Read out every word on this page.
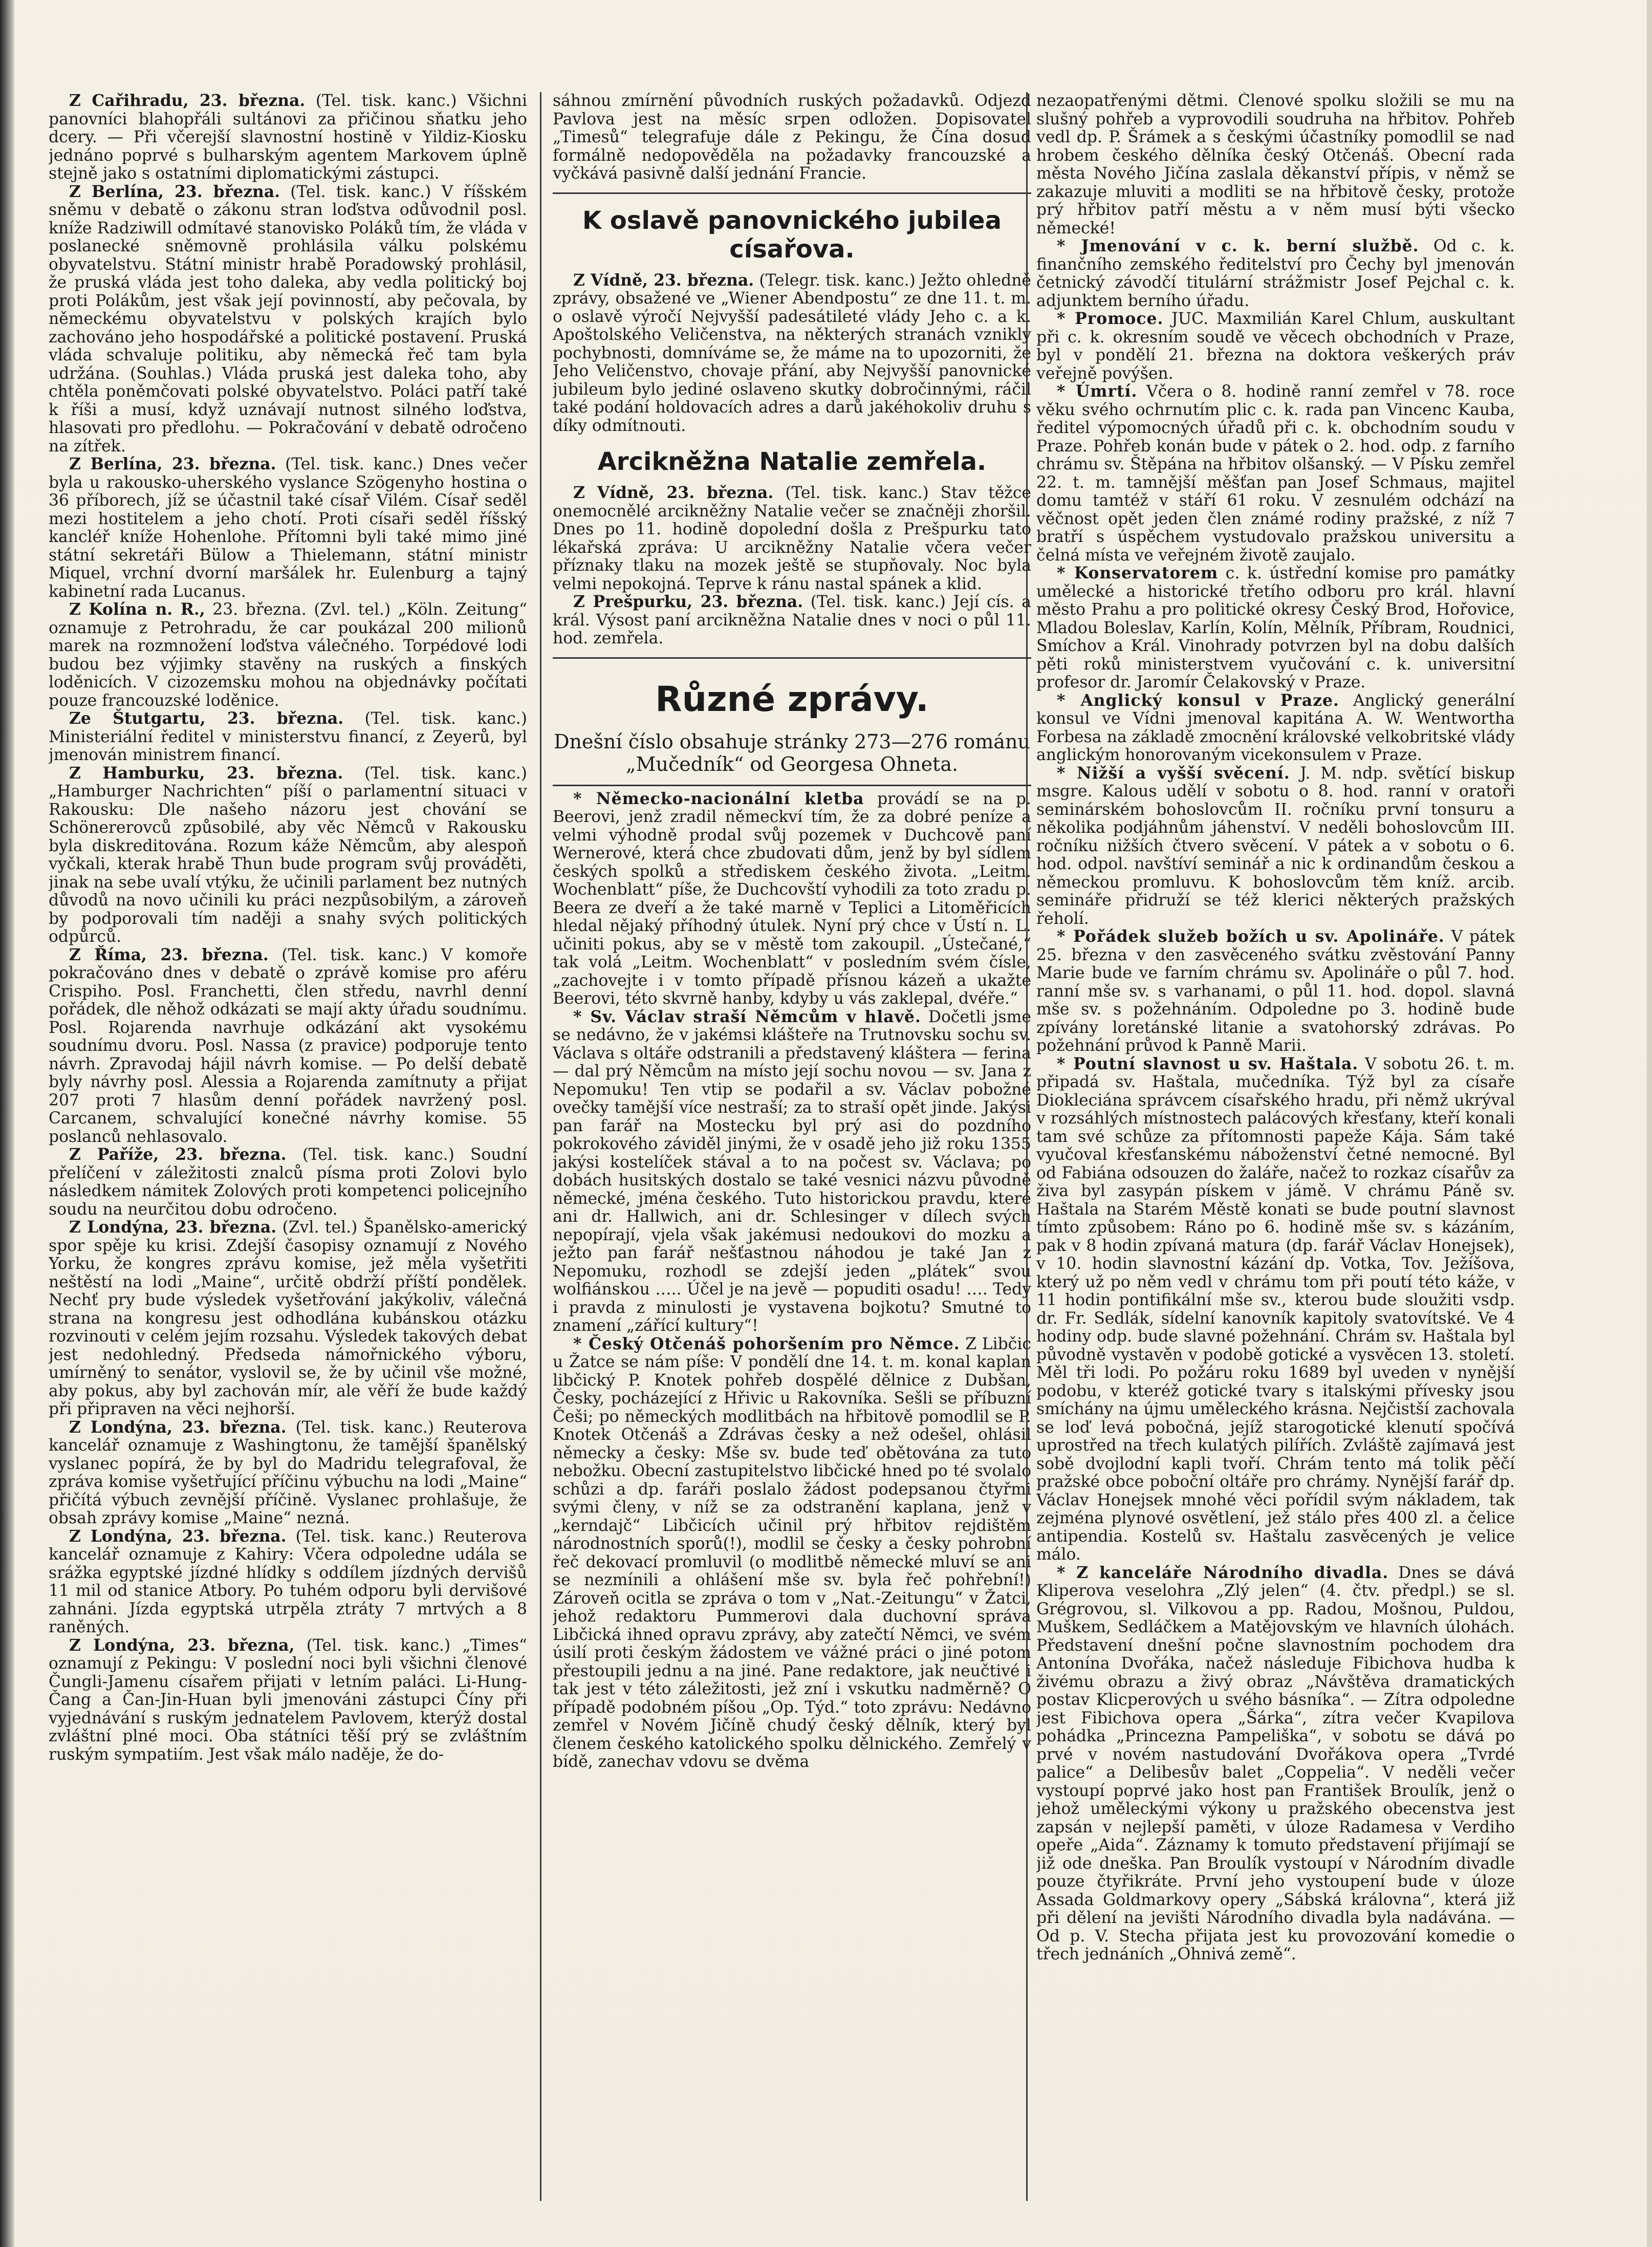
Z Cařihradu, 23. března. (Tel. tisk. kanc.) Všichni panovníci blahopřáli sultánovi za přičinou sňatku jeho dcery. — Při včerejší slavnostní hostině v Yildiz-Kiosku jednáno poprvé s bulharským agentem Markovem úplně stejně jako s ostatními diplomatickými zástupci.

Z Berlína, 23. března. (Tel. tisk. kanc.) V říšském sněmu v debatě o zákonu stran loďstva odůvodnil posl. kníže Radziwill odmítavé stanovisko Poláků tím, že vláda v poslanecké sněmovně prohlásila válku polskému obyvatelstvu. Státní ministr hrabě Poradowský prohlásil, že pruská vláda jest toho daleka, aby vedla politický boj proti Polákům, jest však její povinností, aby pečovala, by německému obyvatelstvu v polských krajích bylo zachováno jeho hospodářské a politické postavení. Pruská vláda schvaluje politiku, aby německá řeč tam byla udržána. (Souhlas.) Vláda pruská jest daleka toho, aby chtěla poněmčovati polské obyvatelstvo. Poláci patří také k říši a musí, když uznávají nutnost silného loďstva, hlasovati pro předlohu. — Pokračování v debatě odročeno na zítřek.

Z Berlína, 23. března. (Tel. tisk. kanc.) Dnes večer byla u rakousko-uherského vyslance Szögenyho hostina o 36 příborech, jíž se účastnil také císař Vilém. Císař seděl mezi hostitelem a jeho chotí. Proti císaři seděl říšský kancléř kníže Hohenlohe. Přítomni byli také mimo jiné státní sekretáři Bülow a Thielemann, státní ministr Miquel, vrchní dvorní maršálek hr. Eulenburg a tajný kabinetní rada Lucanus.

Z Kolína n. R., 23. března. (Zvl. tel.) „Köln. Zeitung“ oznamuje z Petrohradu, že car poukázal 200 milionů marek na rozmnožení loďstva válečného. Torpédové lodi budou bez výjimky stavěny na ruských a finských loděnicích. V cizozemsku mohou na objednávky počítati pouze francouzské loděnice.

Ze Štutgartu, 23. března. (Tel. tisk. kanc.) Ministeriální ředitel v ministerstvu financí, z Zeyerů, byl jmenován ministrem financí.

Z Hamburku, 23. března. (Tel. tisk. kanc.) „Hamburger Nachrichten“ píší o parlamentní situaci v Rakousku: Dle našeho názoru jest chování se Schönererovců způsobilé, aby věc Němců v Rakousku byla diskreditována. Rozum káže Němcům, aby alespoň vyčkali, kterak hrabě Thun bude program svůj prováděti, jinak na sebe uvalí vtýku, že učinili parlament bez nutných důvodů na novo učinili ku práci nezpůsobilým, a zároveň by podporovali tím naději a snahy svých politických odpůrců.

Z Říma, 23. března. (Tel. tisk. kanc.) V komoře pokračováno dnes v debatě o zprávě komise pro aféru Crispiho. Posl. Franchetti, člen středu, navrhl denní pořádek, dle něhož odkázati se mají akty úřadu soudnímu. Posl. Rojarenda navrhuje odkázání akt vysokému soudnímu dvoru. Posl. Nassa (z pravice) podporuje tento návrh. Zpravodaj hájil návrh komise. — Po delší debatě byly návrhy posl. Alessia a Rojarenda zamítnuty a přijat 207 proti 7 hlasům denní pořádek navržený posl. Carcanem, schvalující konečné návrhy komise. 55 poslanců nehlasovalo.

Z Paříže, 23. března. (Tel. tisk. kanc.) Soudní přelíčení v záležitosti znalců písma proti Zolovi bylo následkem námitek Zolových proti kompetenci policejního soudu na neurčitou dobu odročeno.

Z Londýna, 23. března. (Zvl. tel.) Španělsko-americký spor spěje ku krisi. Zdejší časopisy oznamují z Nového Yorku, že kongres zprávu komise, jež měla vyšetřiti neštěstí na lodi „Maine“, určitě obdrží příští pondělek. Nechť pry bude výsledek vyšetřování jakýkoliv, válečná strana na kongresu jest odhodlána kubánskou otázku rozvinouti v celém jejím rozsahu. Výsledek takových debat jest nedohledný. Předseda námořnického výboru, umírněný to senátor, vyslovil se, že by učinil vše možné, aby pokus, aby byl zachován mír, ale věří že bude každý při připraven na věci nejhorší.

Z Londýna, 23. března. (Tel. tisk. kanc.) Reuterova kancelář oznamuje z Washingtonu, že tamější španělský vyslanec popírá, že by byl do Madridu telegrafoval, že zpráva komise vyšetřující příčinu výbuchu na lodi „Maine“ přičítá výbuch zevnější příčině. Vyslanec prohlašuje, že obsah zprávy komise „Maine“ nezná.

Z Londýna, 23. března. (Tel. tisk. kanc.) Reuterova kancelář oznamuje z Kahiry: Včera odpoledne udála se srážka egyptské jízdné hlídky s oddílem jízdných dervišů 11 mil od stanice Atbory. Po tuhém odporu byli dervišové zahnáni. Jízda egyptská utrpěla ztráty 7 mrtvých a 8 raněných.

Z Londýna, 23. března, (Tel. tisk. kanc.) „Times“ oznamují z Pekingu: V poslední noci byli všichni členové Čungli-Jamenu císařem přijati v letním paláci. Li-Hung-Čang a Čan-Jin-Huan byli jmenováni zástupci Číny při vyjednávání s ruským jednatelem Pavlovem, kterýž dostal zvláštní plné moci. Oba státníci těší prý se zvláštním ruským sympatiím. Jest však málo naděje, že do-

sáhnou zmírnění původních ruských požadavků. Odjezd Pavlova jest na měsíc srpen odložen. Dopisovatel „Timesů“ telegrafuje dále z Pekingu, že Čína dosud formálně nedopověděla na požadavky francouzské a vyčkává pasivně další jednání Francie.

K oslavě panovnického jubilea císařova.

Z Vídně, 23. března. (Telegr. tisk. kanc.) Ježto ohledně zprávy, obsažené ve „Wiener Abendpostu“ ze dne 11. t. m. o oslavě výročí Nejvyšší padesátileté vlády Jeho c. a k. Apoštolského Veličenstva, na některých stranách vznikly pochybnosti, domníváme se, že máme na to upozorniti, že Jeho Veličenstvo, chovaje přání, aby Nejvyšší panovnické jubileum bylo jediné oslaveno skutky dobročinnými, ráčil také podání holdovacích adres a darů jakéhokoliv druhu s díky odmítnouti.

Arcikněžna Natalie zemřela.

Z Vídně, 23. března. (Tel. tisk. kanc.) Stav těžce onemocnělé arcikněžny Natalie večer se značněji zhoršil. Dnes po 11. hodině dopolední došla z Prešpurku tato lékařská zpráva: U arcikněžny Natalie včera večer příznaky tlaku na mozek ještě se stupňovaly. Noc byla velmi nepokojná. Teprve k ránu nastal spánek a klid.

Z Prešpurku, 23. března. (Tel. tisk. kanc.) Její cís. a král. Výsost paní arcikněžna Natalie dnes v noci o půl 11. hod. zemřela.

Různé zprávy.

Dnešní číslo obsahuje stránky 273—276 románu „Mučedník“ od Georgesa Ohneta.

* Německo-nacionální kletba provádí se na p. Beerovi, jenž zradil německví tím, že za dobré peníze a velmi výhodně prodal svůj pozemek v Duchcově paní Wernerové, která chce zbudovati dům, jenž by byl sídlem českých spolků a střediskem českého života. „Leitm. Wochenblatt“ píše, že Duchcovští vyhodili za toto zradu p. Beera ze dveří a že také marně v Teplici a Litoměřicích hledal nějaký příhodný útulek. Nyní prý chce v Ústí n. L. učiniti pokus, aby se v městě tom zakoupil. „Ústečané,“ tak volá „Leitm. Wochenblatt“ v posledním svém čísle, „zachovejte i v tomto případě přísnou kázeň a ukažte Beerovi, této skvrně hanby, kdyby u vás zaklepal, dvéře.“

* Sv. Václav straší Němcům v hlavě. Dočetli jsme se nedávno, že v jakémsi klášteře na Trutnovsku sochu sv. Václava s oltáře odstranili a představený kláštera — ferina — dal prý Němcům na místo její sochu novou — sv. Jana z Nepomuku! Ten vtip se podařil a sv. Václav pobožné ovečky tamější více nestraší; za to straší opět jinde. Jakýsi pan farář na Mostecku byl prý asi do pozdního pokrokového záviděl jinými, že v osadě jeho již roku 1355 jakýsi kostelíček stával a to na počest sv. Václava; po dobách husitských dostalo se také vesnici názvu původně německé, jména českého. Tuto historickou pravdu, které ani dr. Hallwich, ani dr. Schlesinger v dílech svých nepopírají, vjela však jakémusi nedoukovi do mozku a ježto pan farář nešťastnou náhodou je také Jan z Nepomuku, rozhodl se zdejší jeden „plátek“ svou wolfiánskou ….. Účel je na jevě — popuditi osadu! …. Tedy i pravda z minulosti je vystavena bojkotu? Smutné to znamení „zářící kultury“!

* Český Otčenáš pohoršením pro Němce. Z Libčic u Žatce se nám píše: V pondělí dne 14. t. m. konal kaplan libčický P. Knotek pohřeb dospělé dělnice z Dubšan, Česky, pocházející z Hřivic u Rakovníka. Sešli se příbuzní Češi; po německých modlitbách na hřbitově pomodlil se P. Knotek Otčenáš a Zdrávas česky a než odešel, ohlásil německy a česky: Mše sv. bude teď obětována za tuto nebožku. Obecní zastupitelstvo libčické hned po té svolalo schůzi a dp. faráři poslalo žádost podepsanou čtyřmi svými členy, v níž se za odstranění kaplana, jenž v „kerndajč“ Libčicích učinil prý hřbitov rejdištěm národnostních sporů(!), modlil se česky a česky pohrobní řeč dekovací promluvil (o modlitbě německé mluví se ani se nezmínili a ohlášení mše sv. byla řeč pohřební!) Zároveň ocitla se zpráva o tom v „Nat.-Zeitungu“ v Žatci, jehož redaktoru Pummerovi dala duchovní správa Libčická ihned opravu zprávy, aby zatečtí Němci, ve svém úsilí proti českým žádostem ve vážné práci o jiné potom přestoupili jednu a na jiné. Pane redaktore, jak neučtivé i tak jest v této záležitosti, jež zní i vskutku nadměrně? O případě podobném píšou „Op. Týd.“ toto zprávu: Nedávno zemřel v Novém Jičíně chudý český dělník, který byl členem českého katolického spolku dělnického. Zemřelý v bídě, zanechav vdovu se dvěma

nezaopatřenými dětmi. Členové spolku složili se mu na slušný pohřeb a vyprovodili soudruha na hřbitov. Pohřeb vedl dp. P. Šrámek a s českými účastníky pomodlil se nad hrobem českého dělníka český Otčenáš. Obecní rada města Nového Jičína zaslala děkanství přípis, v němž se zakazuje mluviti a modliti se na hřbitově česky, protože prý hřbitov patří městu a v něm musí býti všecko německé!

* Jmenování v c. k. berní službě. Od c. k. finančního zemského ředitelství pro Čechy byl jmenován četnický závodčí titulární strážmistr Josef Pejchal c. k. adjunktem berního úřadu.

* Promoce. JUC. Maxmilián Karel Chlum, auskultant při c. k. okresním soudě ve věcech obchodních v Praze, byl v pondělí 21. března na doktora veškerých práv veřejně povýšen.

* Úmrtí. Včera o 8. hodině ranní zemřel v 78. roce věku svého ochrnutím plic c. k. rada pan Vincenc Kauba, ředitel výpomocných úřadů při c. k. obchodním soudu v Praze. Pohřeb konán bude v pátek o 2. hod. odp. z farního chrámu sv. Štěpána na hřbitov olšanský. — V Písku zemřel 22. t. m. tamnější měšťan pan Josef Schmaus, majitel domu tamtéž v stáří 61 roku. V zesnulém odchází na věčnost opět jeden člen známé rodiny pražské, z níž 7 bratří s úspěchem vystudovalo pražskou universitu a čelná místa ve veřejném životě zaujalo.

* Konservatorem c. k. ústřední komise pro památky umělecké a historické třetího odboru pro král. hlavní město Prahu a pro politické okresy Český Brod, Hořovice, Mladou Boleslav, Karlín, Kolín, Mělník, Příbram, Roudnici, Smíchov a Král. Vinohrady potvrzen byl na dobu dalších pěti roků ministerstvem vyučování c. k. universitní profesor dr. Jaromír Čelakovský v Praze.

* Anglický konsul v Praze. Anglický generální konsul ve Vídni jmenoval kapitána A. W. Wentwortha Forbesa na základě zmocnění královské velkobritské vlády anglickým honorovaným vicekonsulem v Praze.

* Nižší a vyšší svěcení. J. M. ndp. světící biskup msgre. Kalous udělí v sobotu o 8. hod. ranní v oratoři seminárském bohoslovcům II. ročníku první tonsuru a několika podjáhnům jáhenství. V neděli bohoslovcům III. ročníku nižších čtvero svěcení. V pátek a v sobotu o 6. hod. odpol. navštíví seminář a nic k ordinandům českou a německou promluvu. K bohoslovcům těm kníž. arcib. semináře přidruží se též klerici některých pražských řeholí.

* Pořádek služeb božích u sv. Apolináře. V pátek 25. března v den zasvěceného svátku zvěstování Panny Marie bude ve farním chrámu sv. Apolináře o půl 7. hod. ranní mše sv. s varhanami, o půl 11. hod. dopol. slavná mše sv. s požehnáním. Odpoledne po 3. hodině bude zpívány loretánské litanie a svatohorský zdrávas. Po požehnání průvod k Panně Marii.

* Poutní slavnost u sv. Haštala. V sobotu 26. t. m. připadá sv. Haštala, mučedníka. Týž byl za císaře Diokleciána správcem císařského hradu, při němž ukrýval v rozsáhlých místnostech palácových křesťany, kteří konali tam své schůze za přítomnosti papeže Kája. Sám také vyučoval křesťanskému náboženství četné nemocné. Byl od Fabiána odsouzen do žaláře, načež to rozkaz císařův za živa byl zasypán pískem v jámě. V chrámu Páně sv. Haštala na Starém Městě konati se bude poutní slavnost tímto způsobem: Ráno po 6. hodině mše sv. s kázáním, pak v 8 hodin zpívaná matura (dp. farář Václav Honejsek), v 10. hodin slavnostní kázání dp. Votka, Tov. Ježíšova, který už po něm vedl v chrámu tom při poutí této káže, v 11 hodin pontifikální mše sv., kterou bude sloužiti vsdp. dr. Fr. Sedlák, sídelní kanovník kapitoly svatovítské. Ve 4 hodiny odp. bude slavné požehnání. Chrám sv. Haštala byl původně vystavěn v podobě gotické a vysvěcen 13. století. Měl tři lodi. Po požáru roku 1689 byl uveden v nynější podobu, v kteréž gotické tvary s italskými přívesky jsou smíchány na újmu uměleckého krásna. Nejčistší zachovala se loď levá pobočná, jejíž starogotické klenutí spočívá uprostřed na třech kulatých pilířích. Zvláště zajímavá jest sobě dvojlodní kapli tvoří. Chrám tento má tolik pěčí pražské obce poboční oltáře pro chrámy. Nynější farář dp. Václav Honejsek mnohé věci pořídil svým nákladem, tak zejména plynové osvětlení, jež stálo přes 400 zl. a čelice antipendia. Kostelů sv. Haštalu zasvěcených je velice málo.

* Z kanceláře Národního divadla. Dnes se dává Kliperova veselohra „Zlý jelen“ (4. čtv. předpl.) se sl. Grégrovou, sl. Vilkovou a pp. Radou, Mošnou, Puldou, Muškem, Sedláčkem a Matějovským ve hlavních úlohách. Představení dnešní počne slavnostním pochodem dra Antonína Dvořáka, načež následuje Fibichova hudba k živému obrazu a živý obraz „Návštěva dramatických postav Klicperových u svého básníka“. — Zítra odpoledne jest Fibichova opera „Šárka“, zítra večer Kvapilova pohádka „Princezna Pampeliška“, v sobotu se dává po prvé v novém nastudování Dvořákova opera „Tvrdé palice“ a Delibesův balet „Coppelia“. V neděli večer vystoupí poprvé jako host pan František Broulík, jenž o jehož uměleckými výkony u pražského obecenstva jest zapsán v nejlepší paměti, v úloze Radamesa v Verdiho opeře „Aida“. Záznamy k tomuto představení přijímají se již ode dneška. Pan Broulík vystoupí v Národním divadle pouze čtyřikráte. První jeho vystoupení bude v úloze Assada Goldmarkovy opery „Sábská královna“, která již při dělení na jevišti Národního divadla byla nadávána. — Od p. V. Stecha přijata jest ku provozování komedie o třech jednáních „Ohnivá země“.
